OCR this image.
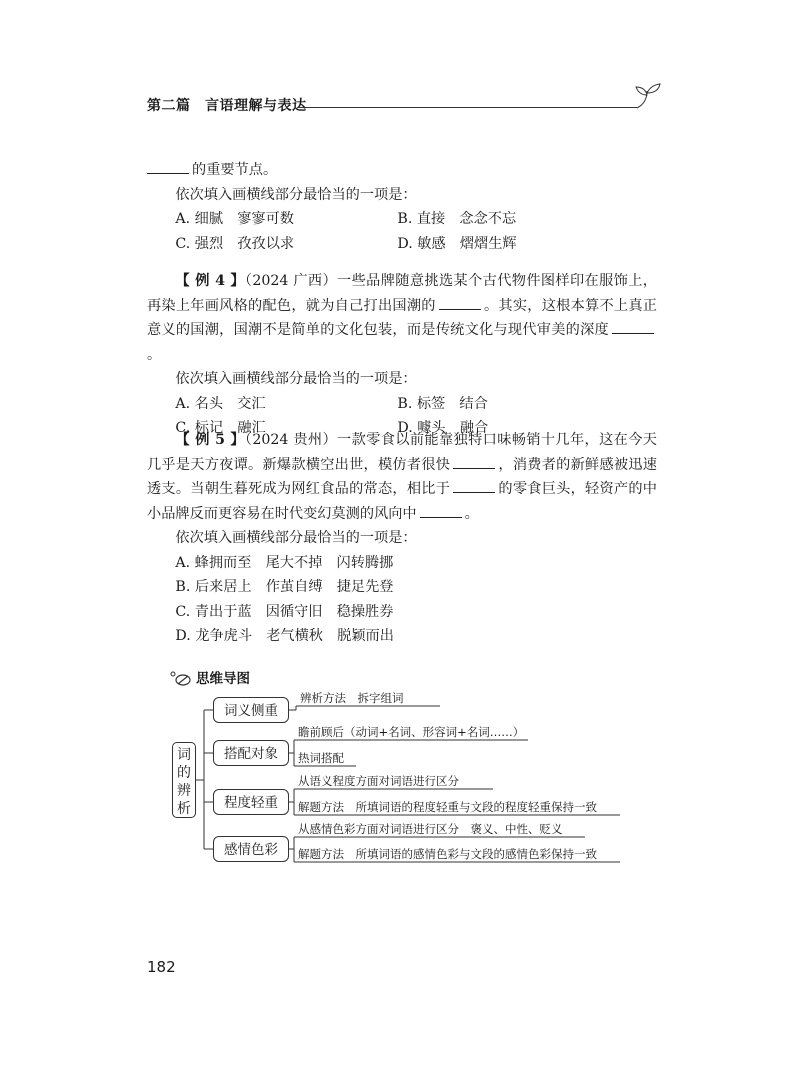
第二篇　言语理解与表达

的重要节点。

依次填入画横线部分最恰当的一项是：

A. 细腻　寥寥可数	B. 直接　念念不忘
C. 强烈　孜孜以求	D. 敏感　熠熠生辉

【 例 4 】（2024 广西）一些品牌随意挑选某个古代物件图样印在服饰上，再染上年画风格的配色，就为自己打出国潮的	。其实，这根本算不上真正意义的国潮，国潮不是简单的文化包装，而是传统文化与现代审美的深度。

依次填入画横线部分最恰当的一项是：

A. 名头　交汇	B. 标签　结合
C. 标记　融汇	D. 噱头　融合

【 例 5 】（2024 贵州）一款零食以前能靠独特口味畅销十几年，这在今天几乎是天方夜谭。新爆款横空出世，模仿者很快	，消费者的新鲜感被迅速透支。当朝生暮死成为网红食品的常态，相比于	的零食巨头，轻资产的中小品牌反而更容易在时代变幻莫测的风向中	。

依次填入画横线部分最恰当的一项是：

A. 蜂拥而至　尾大不掉　闪转腾挪
B. 后来居上　作茧自缚　捷足先登
C. 青出于蓝　因循守旧　稳操胜券
D. 龙争虎斗　老气横秋　脱颖而出
思维导图
词
的
辨
析
词义侧重
搭配对象
程度轻重
感情色彩
辨析方法　拆字组词
瞻前顾后（动词+名词、形容词+名词……）
热词搭配
从语义程度方面对词语进行区分
解题方法　所填词语的程度轻重与文段的程度轻重保持一致
从感情色彩方面对词语进行区分　褒义、中性、贬义
解题方法　所填词语的感情色彩与文段的感情色彩保持一致
182
